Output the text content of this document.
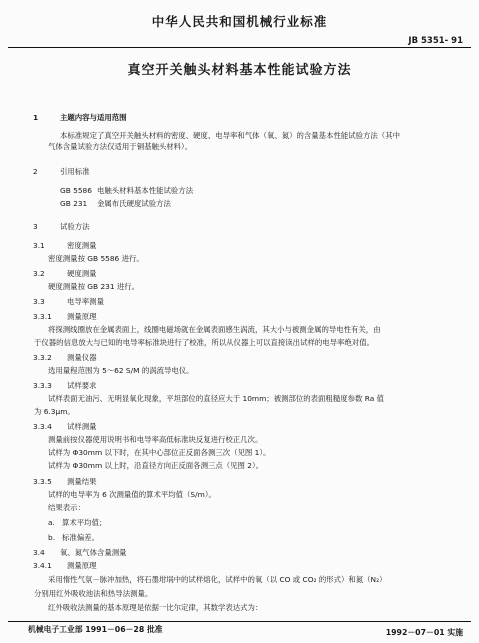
中华人民共和国机械行业标准
JB 5351- 91
真空开关触头材料基本性能试验方法
1	主题内容与适用范围
本标准规定了真空开关触头材料的密度、硬度、电导率和气体（氧、氮）的含量基本性能试验方法（其中
气体含量试验方法仅适用于铜基触头材料）。
2	引用标准
GB 5586 电触头材料基本性能试验方法
GB 231 金属布氏硬度试验方法
3	试验方法
3.1	密度测量
密度测量按 GB 5586 进行。
3.2	硬度测量
硬度测量按 GB 231 进行。
3.3	电导率测量
3.3.1 测量原理
将探测线圈放在金属表面上，线圈电磁场就在金属表面感生涡流，其大小与被测金属的导电性有关，由
于仪器的信息放大与已知的电导率标准块进行了校准，所以从仪器上可以直接读出试样的电导率绝对值。
3.3.2 测量仪器
选用量程范围为 5～62 S/M 的涡流导电仪。
3.3.3 试样要求
试样表面无油污、无明显氧化现象，平坦部位的直径应大于 10mm；被测部位的表面粗糙度参数 Ra 值
为 6.3μm。
3.3.4 试样测量
测量前按仪器使用说明书和电导率高低标准块反复进行校正几次。
试样为 Φ30mm 以下时，在其中心部位正反面各测三次（见图 1）。
试样为 Φ30mm 以上时，沿直径方向正反面各测三点（见图 2）。
3.3.5 测量结果
试样的电导率为 6 次测量值的算术平均值（S/m）。
结果表示：
a. 算术平均值；
b. 标准偏差。
3.4 氧、氮气体含量测量
3.4.1 测量原理
采用惰性气氛－脉冲加热，将石墨坩埚中的试样熔化，试样中的氧（以 CO 或 CO₂ 的形式）和氮（N₂）
分别用红外吸收池法和热导法测量。
红外吸收法测量的基本原理是依据一比尔定律，其数学表达式为：
机械电子工业部 1991－06－28 批准	1992－07－01 实施
